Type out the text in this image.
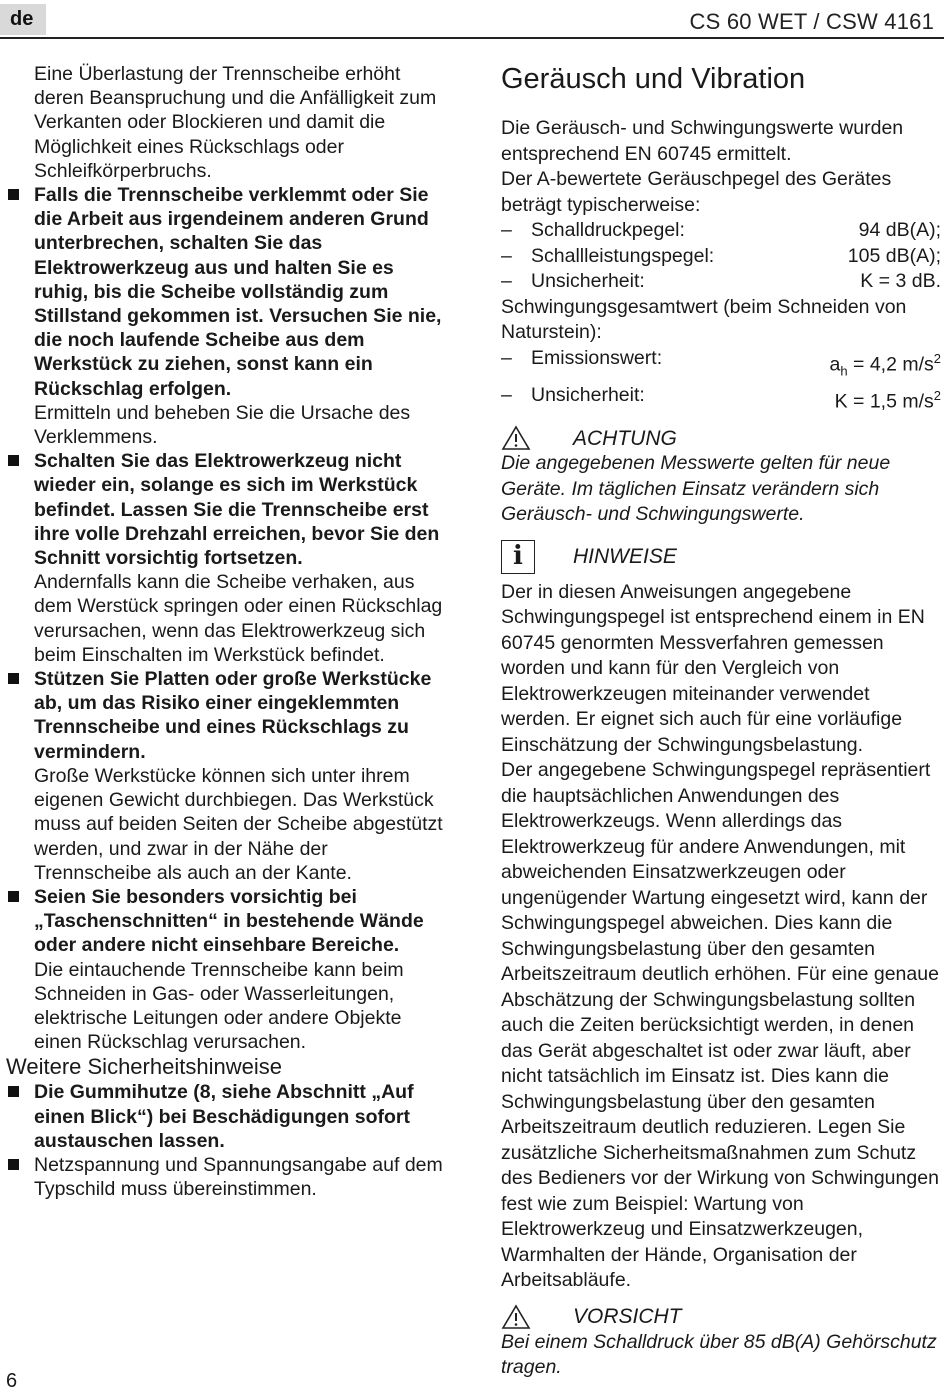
de	CS 60 WET / CSW 4161

Eine Überlastung der Trennscheibe erhöht deren Beanspruchung und die Anfälligkeit zum Verkanten oder Blockieren und damit die Möglichkeit eines Rückschlags oder Schleifkörperbruchs.

Falls die Trennscheibe verklemmt oder Sie die Arbeit aus irgendeinem anderen Grund unterbrechen, schalten Sie das Elektrowerkzeug aus und halten Sie es ruhig, bis die Scheibe vollständig zum Stillstand gekommen ist. Versuchen Sie nie, die noch laufende Scheibe aus dem Werkstück zu ziehen, sonst kann ein Rückschlag erfolgen.

Ermitteln und beheben Sie die Ursache des Verklemmens.

Schalten Sie das Elektrowerkzeug nicht wieder ein, solange es sich im Werkstück befindet. Lassen Sie die Trennscheibe erst ihre volle Drehzahl erreichen, bevor Sie den Schnitt vorsichtig fortsetzen.

Andernfalls kann die Scheibe verhaken, aus dem Werstück springen oder einen Rückschlag verursachen, wenn das Elektrowerkzeug sich beim Einschalten im Werkstück befindet.

Stützen Sie Platten oder große Werkstücke ab, um das Risiko einer eingeklemmten Trennscheibe und eines Rückschlags zu vermindern.

Große Werkstücke können sich unter ihrem eigenen Gewicht durchbiegen. Das Werkstück muss auf beiden Seiten der Scheibe abgestützt werden, und zwar in der Nähe der Trennscheibe als auch an der Kante.

Seien Sie besonders vorsichtig bei „Taschenschnitten“ in bestehende Wände oder andere nicht einsehbare Bereiche.

Die eintauchende Trennscheibe kann beim Schneiden in Gas- oder Wasserleitungen, elektrische Leitungen oder andere Objekte einen Rückschlag verursachen.

Weitere Sicherheitshinweise

Die Gummihutze (8, siehe Abschnitt „Auf einen Blick“) bei Beschädigungen sofort austauschen lassen.

Netzspannung und Spannungsangabe auf dem Typschild muss übereinstimmen.

Geräusch und Vibration

Die Geräusch- und Schwingungswerte wurden entsprechend EN 60745 ermittelt.

Der A-bewertete Geräuschpegel des Gerätes beträgt typischerweise:

– Schalldruckpegel:	94 dB(A);
– Schallleistungspegel:	105 dB(A);
– Unsicherheit:	K = 3 dB.

Schwingungsgesamtwert (beim Schneiden von Naturstein):

– Emissionswert:	$a_h = 4,2$ $m/s^2$
– Unsicherheit:	K = 1,5 $m/s^2$
ACHTUNG

Die angegebenen Messwerte gelten für neue Geräte. Im täglichen Einsatz verändern sich Geräusch- und Schwingungswerte.

i	HINWEISE

Der in diesen Anweisungen angegebene Schwingungspegel ist entsprechend einem in EN 60745 genormten Messverfahren gemessen worden und kann für den Vergleich von Elektrowerkzeugen miteinander verwendet werden. Er eignet sich auch für eine vorläufige Einschätzung der Schwingungsbelastung.

Der angegebene Schwingungspegel repräsentiert die hauptsächlichen Anwendungen des Elektrowerkzeugs. Wenn allerdings das Elektrowerkzeug für andere Anwendungen, mit abweichenden Einsatzwerkzeugen oder ungenügender Wartung eingesetzt wird, kann der Schwingungspegel abweichen. Dies kann die Schwingungsbelastung über den gesamten Arbeitszeitraum deutlich erhöhen. Für eine genaue Abschätzung der Schwingungsbelastung sollten auch die Zeiten berücksichtigt werden, in denen das Gerät abgeschaltet ist oder zwar läuft, aber nicht tatsächlich im Einsatz ist. Dies kann die Schwingungsbelastung über den gesamten Arbeitszeitraum deutlich reduzieren. Legen Sie zusätzliche Sicherheitsmaßnahmen zum Schutz des Bedieners vor der Wirkung von Schwingungen fest wie zum Beispiel: Wartung von Elektrowerkzeug und Einsatzwerkzeugen, Warmhalten der Hände, Organisation der Arbeitsabläufe.

VORSICHT

Bei einem Schalldruck über 85 dB(A) Gehörschutz tragen.

6
